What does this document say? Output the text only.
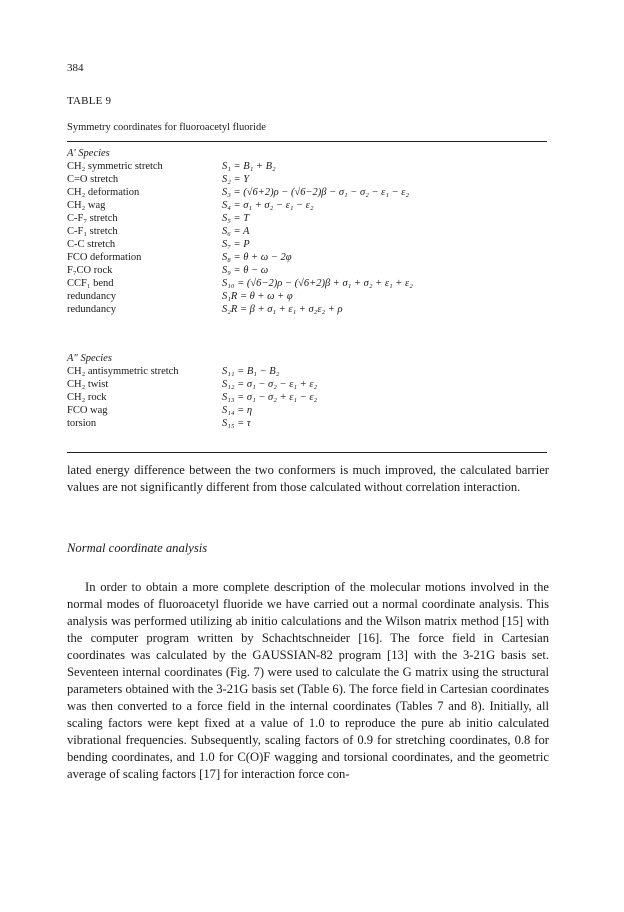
384
TABLE 9
Symmetry coordinates for fluoroacetyl fluoride
A' Species
CH₂ symmetric stretch	S₁ = B₁ + B₂
C=O stretch	S₂ = Y
CH₂ deformation	S₃ = (√6+2)ρ − (√6−2)β − σ₁ − σ₂ − ε₁ − ε₂
CH₂ wag	S₄ = σ₁ + σ₂ − ε₁ − ε₂
C-F₇ stretch	S₅ = T
C-F₁ stretch	S₆ = A
C-C stretch	S₇ = P
FCO deformation	S₈ = θ + ω − 2φ
F₇CO rock	S₉ = θ − ω
CCF₁ bend	S₁₀ = (√6−2)ρ − (√6+2)β + σ₁ + σ₂ + ε₁ + ε₂
redundancy	S₁R = θ + ω + φ
redundancy	S₂R = β + σ₁ + ε₁ + σ₂ε₂ + ρ
A" Species
CH₂ antisymmetric stretch	S₁₁ = B₁ − B₂
CH₂ twist	S₁₂ = σ₁ − σ₂ − ε₁ + ε₂
CH₂ rock	S₁₃ = σ₁ − σ₂ + ε₁ − ε₂
FCO wag	S₁₄ = η
torsion	S₁₅ = τ

lated energy difference between the two conformers is much improved, the calculated barrier values are not significantly different from those calculated without correlation interaction.

Normal coordinate analysis

In order to obtain a more complete description of the molecular motions involved in the normal modes of fluoroacetyl fluoride we have carried out a normal coordinate analysis. This analysis was performed utilizing ab initio calculations and the Wilson matrix method [15] with the computer program written by Schachtschneider [16]. The force field in Cartesian coordinates was calculated by the GAUSSIAN-82 program [13] with the 3-21G basis set. Seventeen internal coordinates (Fig. 7) were used to calculate the G matrix using the structural parameters obtained with the 3-21G basis set (Table 6). The force field in Cartesian coordinates was then converted to a force field in the internal coordinates (Tables 7 and 8). Initially, all scaling factors were kept fixed at a value of 1.0 to reproduce the pure ab initio calculated vibrational frequencies. Subsequently, scaling factors of 0.9 for stretching coordinates, 0.8 for bending coordinates, and 1.0 for C(O)F wagging and torsional coordinates, and the geometric average of scaling factors [17] for interaction force con-
